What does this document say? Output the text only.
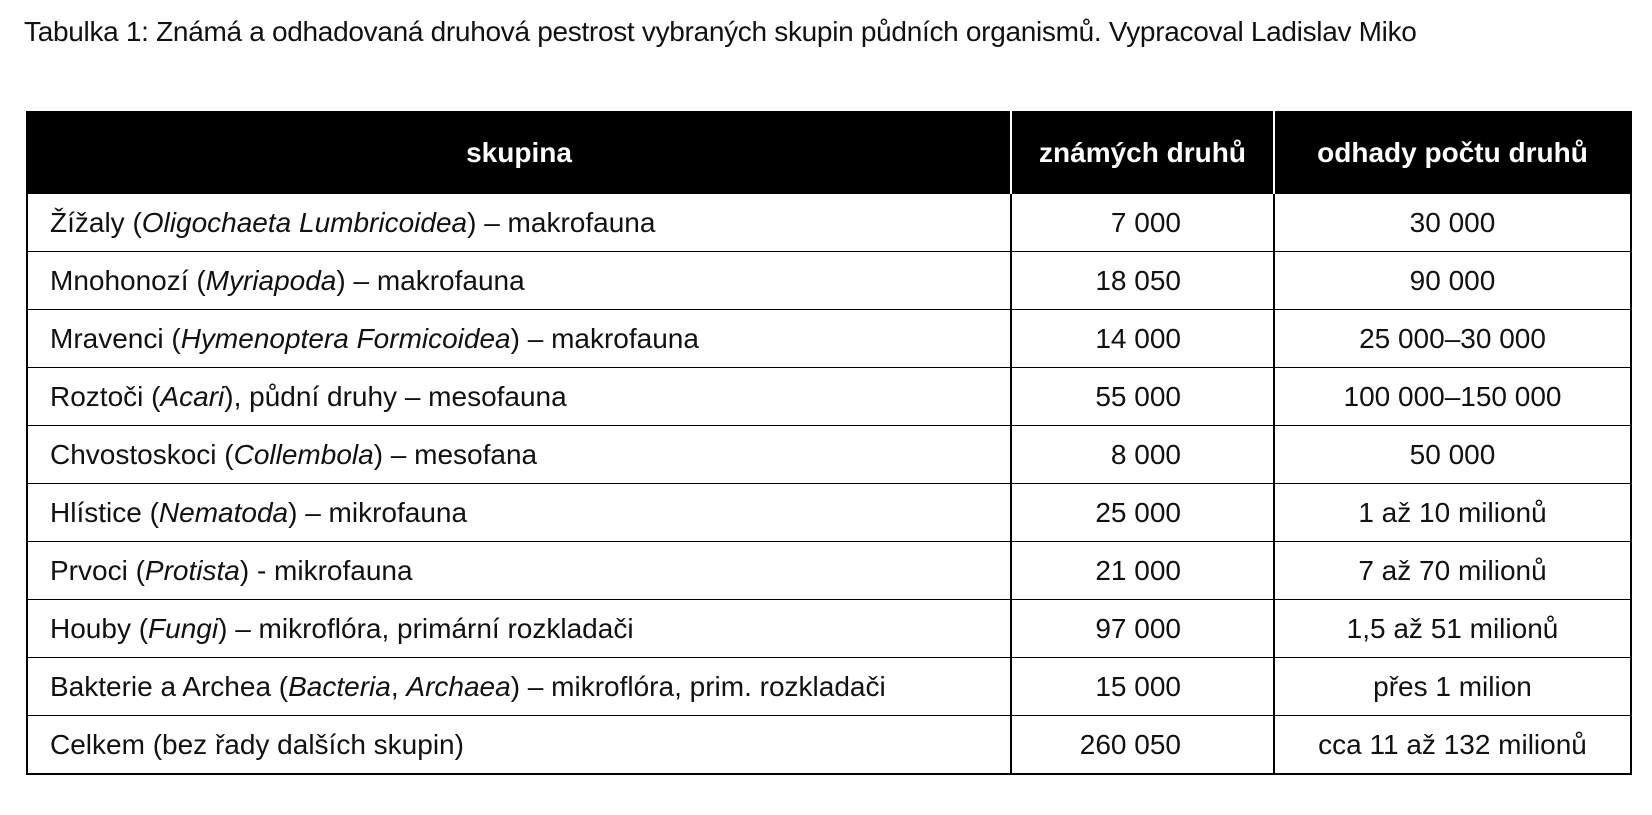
Tabulka 1: Známá a odhadovaná druhová pestrost vybraných skupin půdních organismů. Vypracoval Ladislav Miko
skupina	známých druhů	odhady počtu druhů
Žížaly (Oligochaeta Lumbricoidea) – makrofauna	7 000	30 000
Mnohonozí (Myriapoda) – makrofauna	18 050	90 000
Mravenci (Hymenoptera Formicoidea) – makrofauna	14 000	25 000–30 000
Roztoči (Acari), půdní druhy – mesofauna	55 000	100 000–150 000
Chvostoskoci (Collembola) – mesofana	8 000	50 000
Hlístice (Nematoda) – mikrofauna	25 000	1 až 10 milionů
Prvoci (Protista) - mikrofauna	21 000	7 až 70 milionů
Houby (Fungi) – mikroflóra, primární rozkladači	97 000	1,5 až 51 milionů
Bakterie a Archea (Bacteria, Archaea) – mikroflóra, prim. rozkladači	15 000	přes 1 milion
Celkem (bez řady dalších skupin)	260 050	cca 11 až 132 milionů
